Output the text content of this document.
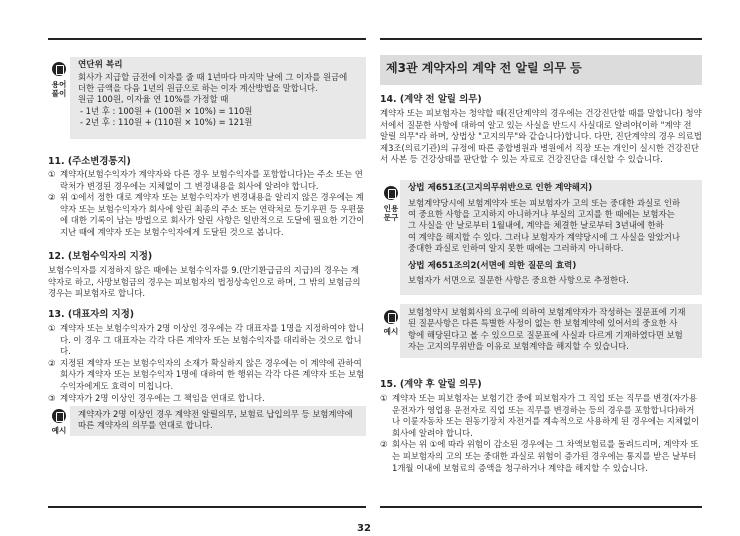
용어
풀이
연단위 복리
회사가 지급할 금전에 이자를 줄 때 1년마다 마지막 날에 그 이자를 원금에
더한 금액을 다음 1년의 원금으로 하는 이자 계산방법을 말합니다.
원금 100원, 이자율 연 10%를 가정할 때
- 1년 후 : 100원 + (100원 × 10%) = 110원
- 2년 후 : 110원 + (110원 × 10%) = 121원
11. (주소변경통지)
① 계약자(보험수익자가 계약자와 다른 경우 보험수익자를 포함합니다)는 주소 또는 연락처가 변경된 경우에는 지체없이 그 변경내용을 회사에 알려야 합니다.
② 위 ①에서 정한 대로 계약자 또는 보험수익자가 변경내용을 알리지 않은 경우에는 계약자 또는 보험수익자가 회사에 알린 최종의 주소 또는 연락처로 등기우편 등 우편물에 대한 기록이 남는 방법으로 회사가 알린 사항은 일반적으로 도달에 필요한 기간이 지난 때에 계약자 또는 보험수익자에게 도달된 것으로 봅니다.
12. (보험수익자의 지정)
보험수익자를 지정하지 않은 때에는 보험수익자를 9.(만기환급금의 지급)의 경우는 계약자로 하고, 사망보험금의 경우는 피보험자의 법정상속인으로 하며, 그 밖의 보험금의 경우는 피보험자로 합니다.
13. (대표자의 지정)
① 계약자 또는 보험수익자가 2명 이상인 경우에는 각 대표자를 1명을 지정하여야 합니다. 이 경우 그 대표자는 각각 다른 계약자 또는 보험수익자를 대리하는 것으로 합니다.
② 지정된 계약자 또는 보험수익자의 소재가 확실하지 않은 경우에는 이 계약에 관하여 회사가 계약자 또는 보험수익자 1명에 대하여 한 행위는 각각 다른 계약자 또는 보험수익자에게도 효력이 미칩니다.
③ 계약자가 2명 이상인 경우에는 그 책임을 연대로 합니다.
예시
계약자가 2명 이상인 경우 계약전 알릴의무, 보험료 납입의무 등 보험계약에
따른 계약자의 의무를 연대로 합니다.
제3관 계약자의 계약 전 알릴 의무 등
14. (계약 전 알릴 의무)
계약자 또는 피보험자는 청약할 때(진단계약의 경우에는 건강진단할 때를 말합니다) 청약서에서 질문한 사항에 대하여 알고 있는 사실을 반드시 사실대로 알려야(이하 "계약 전 알릴 의무"라 하며, 상법상 "고지의무"와 같습니다)합니다. 다만, 진단계약의 경우 의료법 제3조(의료기관)의 규정에 따른 종합병원과 병원에서 직장 또는 개인이 실시한 건강진단서 사본 등 건강상태를 판단할 수 있는 자료로 건강진단을 대신할 수 있습니다.
인용
문구
상법 제651조(고지의무위반으로 인한 계약해지)
보험계약당시에 보험계약자 또는 피보험자가 고의 또는 중대한 과실로 인하
여 중요한 사항을 고지하지 아니하거나 부실의 고지를 한 때에는 보험자는
그 사실을 안 날로부터 1월내에, 계약을 체결한 날로부터 3년내에 한하
여 계약을 해지할 수 있다. 그러나 보험자가 계약당시에 그 사실을 알았거나
중대한 과실로 인하여 알지 못한 때에는 그러하지 아니하다.
상법 제651조의2(서면에 의한 질문의 효력)
보험자가 서면으로 질문한 사항은 중요한 사항으로 추정한다.
예시
보험청약시 보험회사의 요구에 의하여 보험계약자가 작성하는 질문표에 기재
된 질문사항은 다른 특별한 사정이 없는 한 보험계약에 있어서의 중요한 사
항에 해당된다고 볼 수 있으므로 질문표에 사실과 다르게 기재하였다면 보험
자는 고지의무위반을 이유로 보험계약을 해지할 수 있습니다.
15. (계약 후 알릴 의무)
① 계약자 또는 피보험자는 보험기간 중에 피보험자가 그 직업 또는 직무를 변경(자가용 운전자가 영업용 운전자로 직업 또는 직무를 변경하는 등의 경우를 포함합니다)하거나 이륜자동차 또는 원동기장치 자전거를 계속적으로 사용하게 된 경우에는 지체없이 회사에 알려야 합니다.
② 회사는 위 ①에 따라 위험이 감소된 경우에는 그 차액보험료를 돌려드리며, 계약자 또는 피보험자의 고의 또는 중대한 과실로 위험이 증가된 경우에는 통지를 받은 날부터 1개월 이내에 보험료의 증액을 청구하거나 계약을 해지할 수 있습니다.
32
